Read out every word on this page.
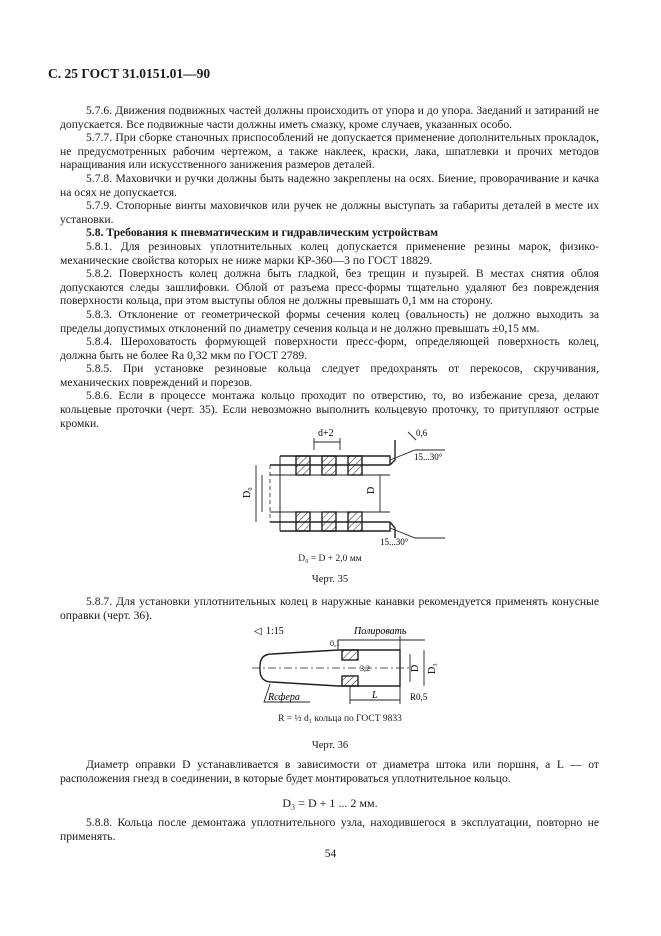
С. 25 ГОСТ 31.0151.01—90

5.7.6. Движения подвижных частей должны происходить от упора и до упора. Заеданий и затираний не допускается. Все подвижные части должны иметь смазку, кроме случаев, указанных особо.

5.7.7. При сборке станочных приспособлений не допускается применение дополнительных прокладок, не предусмотренных рабочим чертежом, а также наклеек, краски, лака, шпатлевки и прочих методов наращивания или искусственного занижения размеров деталей.

5.7.8. Маховички и ручки должны быть надежно закреплены на осях. Биение, проворачивание и качка на осях не допускается.

5.7.9. Стопорные винты маховичков или ручек не должны выступать за габариты деталей в месте их установки.

5.8. Требования к пневматическим и гидравлическим устройствам

5.8.1. Для резиновых уплотнительных колец допускается применение резины марок, физико-механические свойства которых не ниже марки КР-360—3 по ГОСТ 18829.

5.8.2. Поверхность колец должна быть гладкой, без трещин и пузырей. В местах снятия облоя допускаются следы зашлифовки. Облой от разъема пресс-формы тщательно удаляют без повреждения поверхности кольца, при этом выступы облоя не должны превышать 0,1 мм на сторону.

5.8.3. Отклонение от геометрической формы сечения колец (овальность) не должно выходить за пределы допустимых отклонений по диаметру сечения кольца и не должно превышать ±0,15 мм.

5.8.4. Шероховатость формующей поверхности пресс-форм, определяющей поверхность колец, должна быть не более Ra 0,32 мкм по ГОСТ 2789.

5.8.5. При установке резиновые кольца следует предохранять от перекосов, скручивания, механических повреждений и порезов.

5.8.6. Если в процессе монтажа кольцо проходит по отверстию, то, во избежание среза, делают кольцевые проточки (черт. 35). Если невозможно выполнить кольцевую проточку, то притупляют острые кромки.

d+2
D₀	D
0,6
15...30°
15...30°
D₀ = D + 2,0 мм
Черт. 35

5.8.7. Для установки уплотнительных колец в наружные канавки рекомендуется применять конусные оправки (черт. 36).

◁ 1:15	Полировать
0,1
3,2	D D₃
Rсфера	L	R0,5
R = ½ d₁ кольца по ГОСТ 9833
Черт. 36

Диаметр оправки D устанавливается в зависимости от диаметра штока или поршня, а L — от расположения гнезд в соединении, в которые будет монтироваться уплотнительное кольцо.

D₃ = D + 1 ... 2 мм.

5.8.8. Кольца после демонтажа уплотнительного узла, находившегося в эксплуатации, повторно не применять.

54
